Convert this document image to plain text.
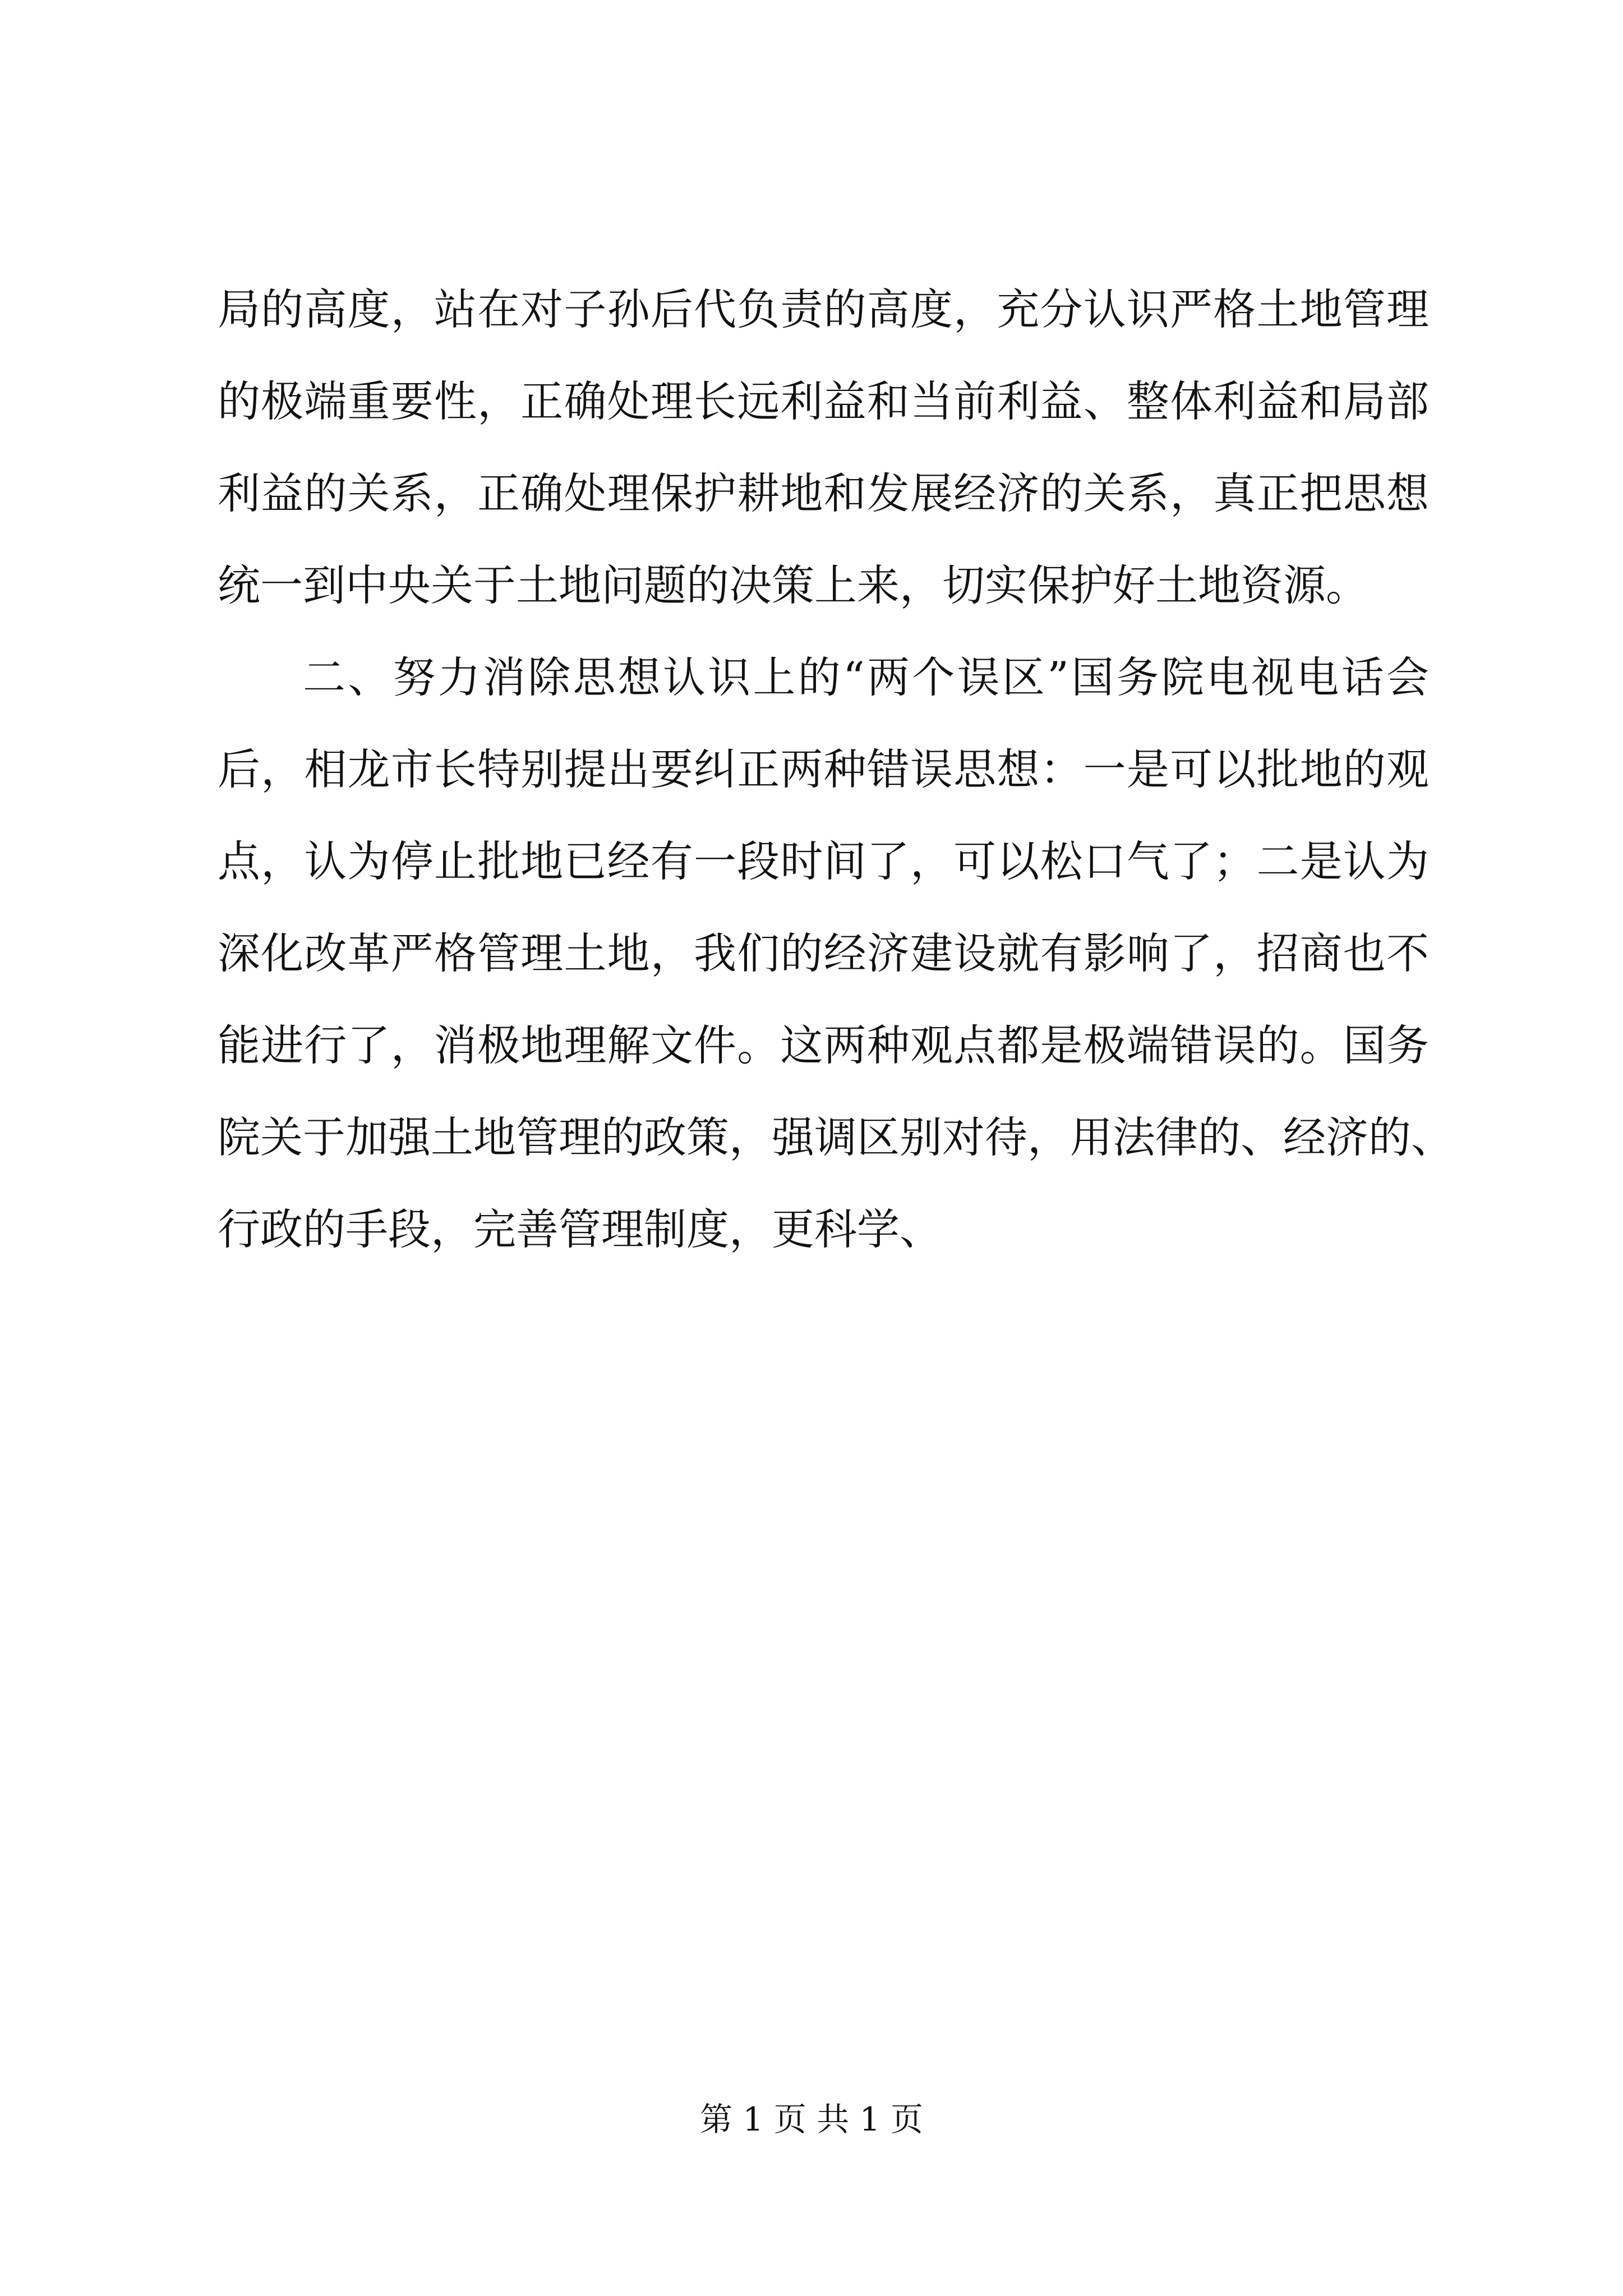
局的高度，站在对子孙后代负责的高度，充分认识严格土地管理
的极端重要性，正确处理长远利益和当前利益、整体利益和局部
利益的关系，正确处理保护耕地和发展经济的关系，真正把思想
统一到中央关于土地问题的决策上来，切实保护好土地资源。
二、努力消除思想认识上的“两个误区”国务院电视电话会
后，相龙市长特别提出要纠正两种错误思想：一是可以批地的观
点，认为停止批地已经有一段时间了，可以松口气了；二是认为
深化改革严格管理土地，我们的经济建设就有影响了，招商也不
能进行了，消极地理解文件。这两种观点都是极端错误的。国务
院关于加强土地管理的政策，强调区别对待，用法律的、经济的、
行政的手段，完善管理制度，更科学、
第 1 页 共 1 页
